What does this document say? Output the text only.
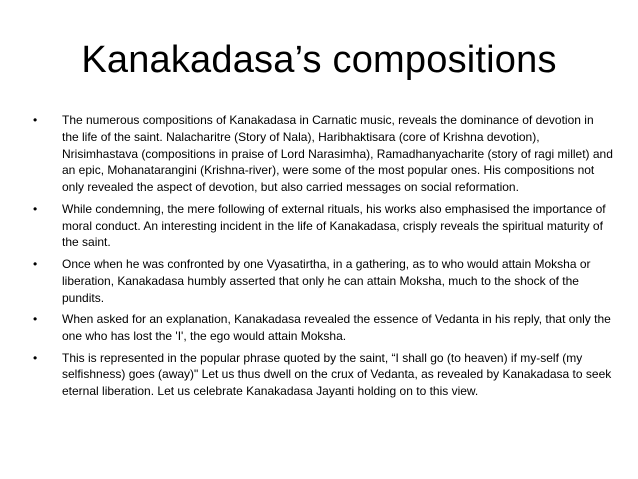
Kanakadasa’s compositions
• The numerous compositions of Kanakadasa in Carnatic music, reveals the dominance of devotion in the life of the saint. Nalacharitre (Story of Nala), Haribhaktisara (core of Krishna devotion), Nrisimhastava (compositions in praise of Lord Narasimha), Ramadhanyacharite (story of ragi millet) and an epic, Mohanatarangini (Krishna-river), were some of the most popular ones. His compositions not only revealed the aspect of devotion, but also carried messages on social reformation.
• While condemning, the mere following of external rituals, his works also emphasised the importance of moral conduct. An interesting incident in the life of Kanakadasa, crisply reveals the spiritual maturity of the saint.
• Once when he was confronted by one Vyasatirtha, in a gathering, as to who would attain Moksha or liberation, Kanakadasa humbly asserted that only he can attain Moksha, much to the shock of the pundits.
• When asked for an explanation, Kanakadasa revealed the essence of Vedanta in his reply, that only the one who has lost the 'I', the ego would attain Moksha.
• This is represented in the popular phrase quoted by the saint, “I shall go (to heaven) if my-self (my selfishness) goes (away)" Let us thus dwell on the crux of Vedanta, as revealed by Kanakadasa to seek eternal liberation. Let us celebrate Kanakadasa Jayanti holding on to this view.
